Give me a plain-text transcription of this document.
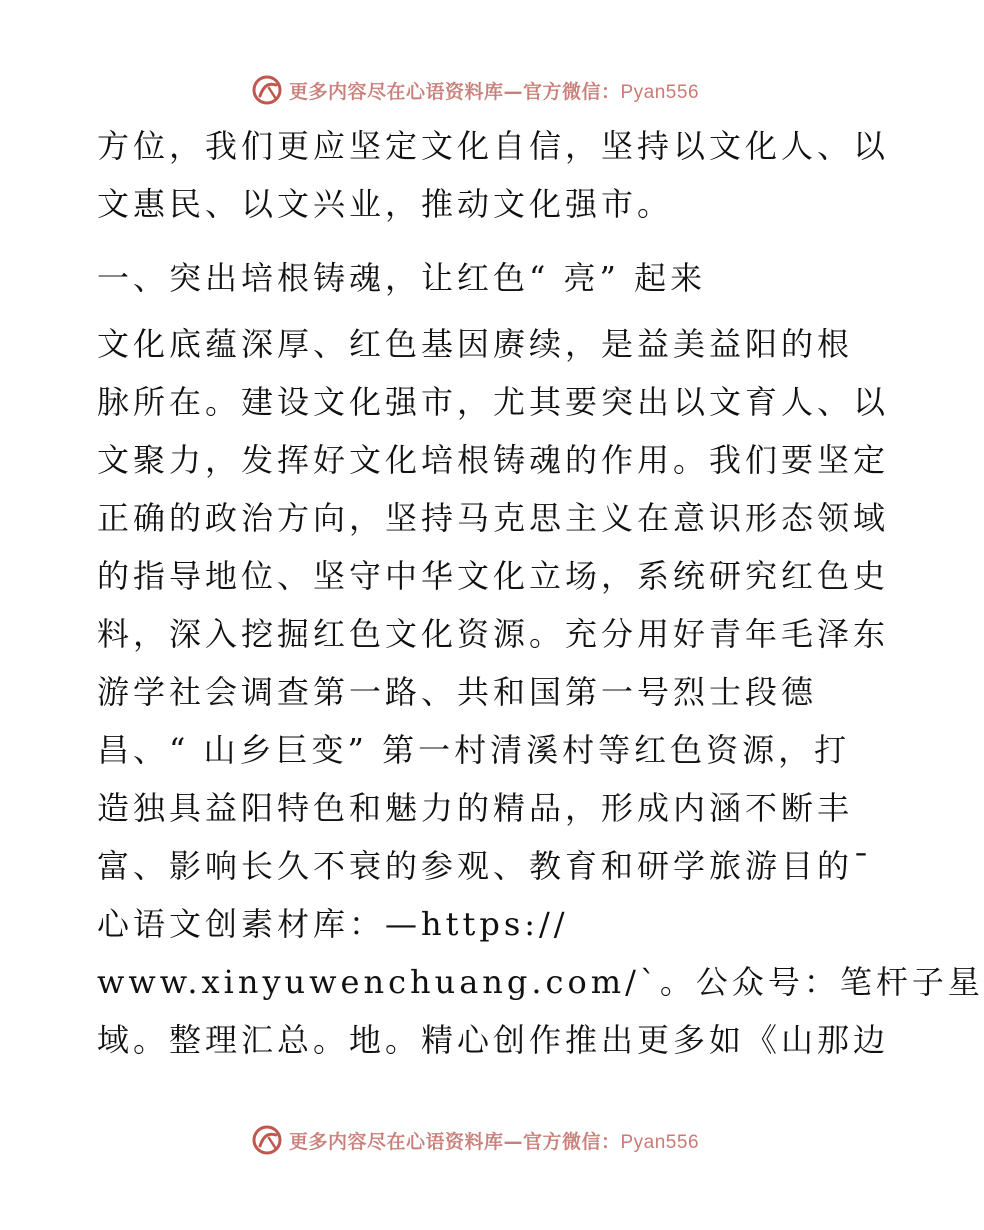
更多内容尽在心语资料库—官方微信：Pyan556
方位，我们更应坚定文化自信，坚持以文化人、以
文惠民、以文兴业，推动文化强市。
一、突出培根铸魂，让红色“ 亮” 起来
文化底蕴深厚、红色基因赓续，是益美益阳的根
脉所在。建设文化强市，尤其要突出以文育人、以
文聚力，发挥好文化培根铸魂的作用。我们要坚定
正确的政治方向，坚持马克思主义在意识形态领域
的指导地位、坚守中华文化立场，系统研究红色史
料，深入挖掘红色文化资源。充分用好青年毛泽东
游学社会调查第一路、共和国第一号烈士段德
昌、“ 山乡巨变” 第一村清溪村等红色资源，打
造独具益阳特色和魅力的精品，形成内涵不断丰
富、影响长久不衰的参观、教育和研学旅游目的¯
心语文创素材库：—https://
www.xinyuwenchuang.com/`。公众号：笔杆子星
域。整理汇总。地。精心创作推出更多如《山那边
更多内容尽在心语资料库—官方微信：Pyan556
